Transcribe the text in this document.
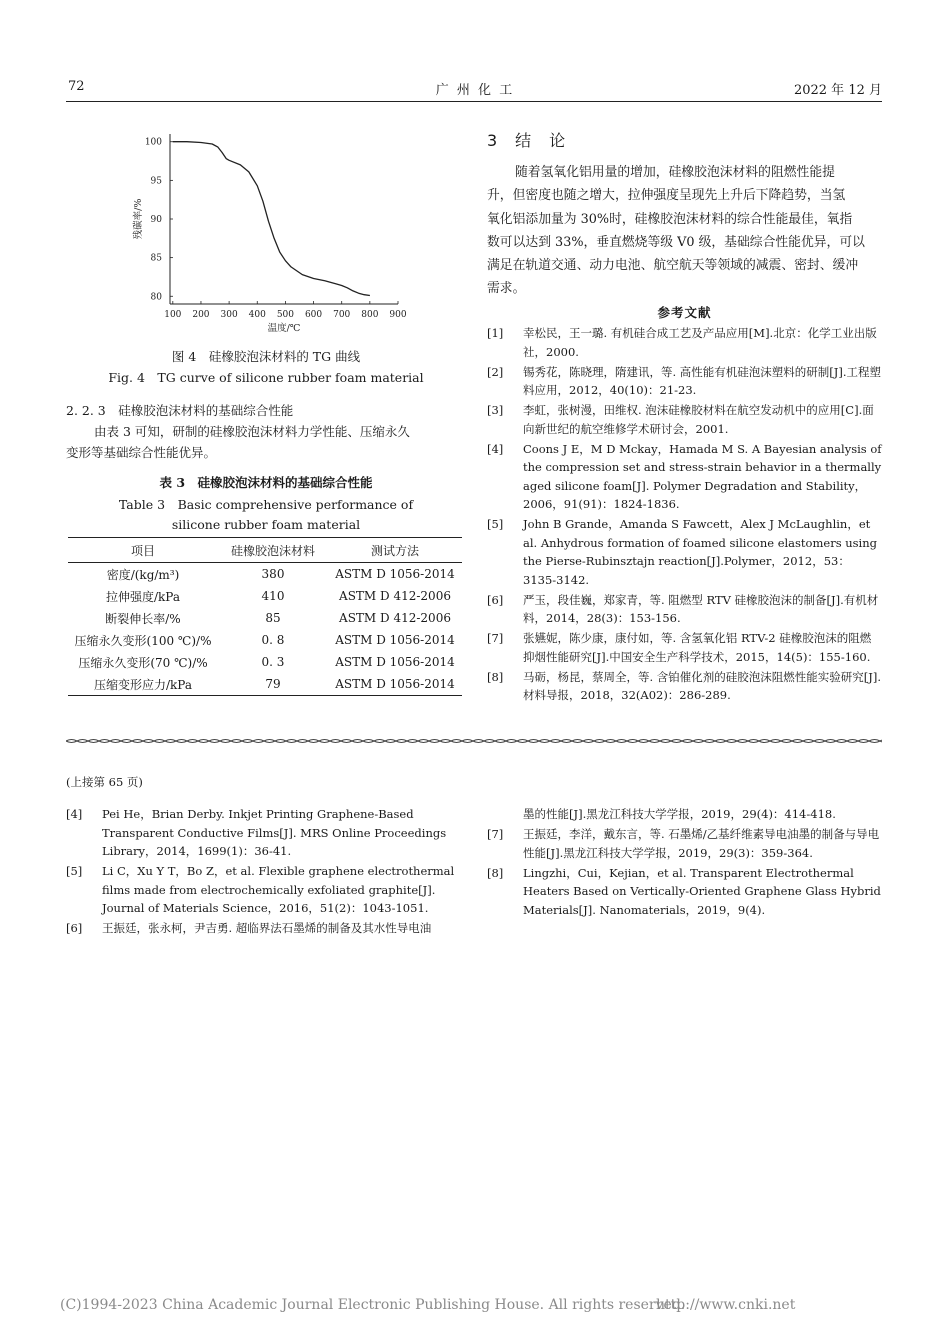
72	广 州 化 工	2022 年 12 月
100 200 300 400 500 600 700 800 900
80
85
90
95
100
温度/℃
残碳率/%
图 4　硅橡胶泡沫材料的 TG 曲线
Fig. 4　TG curve of silicone rubber foam material
2. 2. 3　硅橡胶泡沫材料的基础综合性能
由表 3 可知，研制的硅橡胶泡沫材料力学性能、压缩永久
变形等基础综合性能优异。
表 3　硅橡胶泡沫材料的基础综合性能
Table 3　Basic comprehensive performance of
silicone rubber foam material
项目	硅橡胶泡沫材料	测试方法
密度/(kg/m³)	380	ASTM D 1056-2014
拉伸强度/kPa	410	ASTM D 412-2006
断裂伸长率/%	85	ASTM D 412-2006
压缩永久变形(100 ℃)/%	0. 8	ASTM D 1056-2014
压缩永久变形(70 ℃)/%	0. 3	ASTM D 1056-2014
压缩变形应力/kPa	79	ASTM D 1056-2014
3　结　论
随着氢氧化铝用量的增加，硅橡胶泡沫材料的阻燃性能提
升，但密度也随之增大，拉伸强度呈现先上升后下降趋势，当氢
氧化铝添加量为 30%时，硅橡胶泡沫材料的综合性能最佳，氧指
数可以达到 33%，垂直燃烧等级 V0 级，基础综合性能优异，可以
满足在轨道交通、动力电池、航空航天等领域的减震、密封、缓冲
需求。
参考文献
[1]	幸松民，王一璐. 有机硅合成工艺及产品应用[M].北京：化学工业出版社，2000.
[2]	锡秀花，陈晓理，隋建讯，等. 高性能有机硅泡沫塑料的研制[J].工程塑料应用，2012，40(10)：21-23.
[3]	李虹，张树漫，田维权. 泡沫硅橡胶材料在航空发动机中的应用[C].面向新世纪的航空维修学术研讨会，2001.
[4]	Coons J E，M D Mckay，Hamada M S. A Bayesian analysis of the compression set and stress-strain behavior in a thermally aged silicone foam[J]. Polymer Degradation and Stability，2006，91(91)：1824-1836.
[5]	John B Grande，Amanda S Fawcett，Alex J McLaughlin，et al. Anhydrous formation of foamed silicone elastomers using the Pierse-Rubinsztajn reaction[J].Polymer，2012，53：3135-3142.
[6]	严玉，段佳巍，郑家青，等. 阻燃型 RTV 硅橡胶泡沫的制备[J].有机材料，2014，28(3)：153-156.
[7]	张嬿妮，陈少康，康付如，等. 含氢氧化铝 RTV-2 硅橡胶泡沫的阻燃抑烟性能研究[J].中国安全生产科学技术，2015，14(5)：155-160.
[8]	马砺，杨昆，蔡周全，等. 含铂催化剂的硅胶泡沫阻燃性能实验研究[J].材料导报，2018，32(A02)：286-289.
(上接第 65 页)
[4]	Pei He，Brian Derby. Inkjet Printing Graphene-Based Transparent Conductive Films[J]. MRS Online Proceedings Library，2014，1699(1)：36-41.
[5]	Li C，Xu Y T，Bo Z，et al. Flexible graphene electrothermal films made from electrochemically exfoliated graphite[J]. Journal of Materials Science，2016，51(2)：1043-1051.
[6]	王振廷，张永柯，尹吉勇. 超临界法石墨烯的制备及其水性导电油
墨的性能[J].黑龙江科技大学学报，2019，29(4)：414-418.
[7]	王振廷，李洋，戴东言，等. 石墨烯/乙基纤维素导电油墨的制备与导电性能[J].黑龙江科技大学学报，2019，29(3)：359-364.
[8]	Lingzhi，Cui，Kejian，et al. Transparent Electrothermal Heaters Based on Vertically-Oriented Graphene Glass Hybrid Materials[J]. Nanomaterials，2019，9(4).
(C)1994-2023 China Academic Journal Electronic Publishing House. All rights reserved.
http://www.cnki.net
